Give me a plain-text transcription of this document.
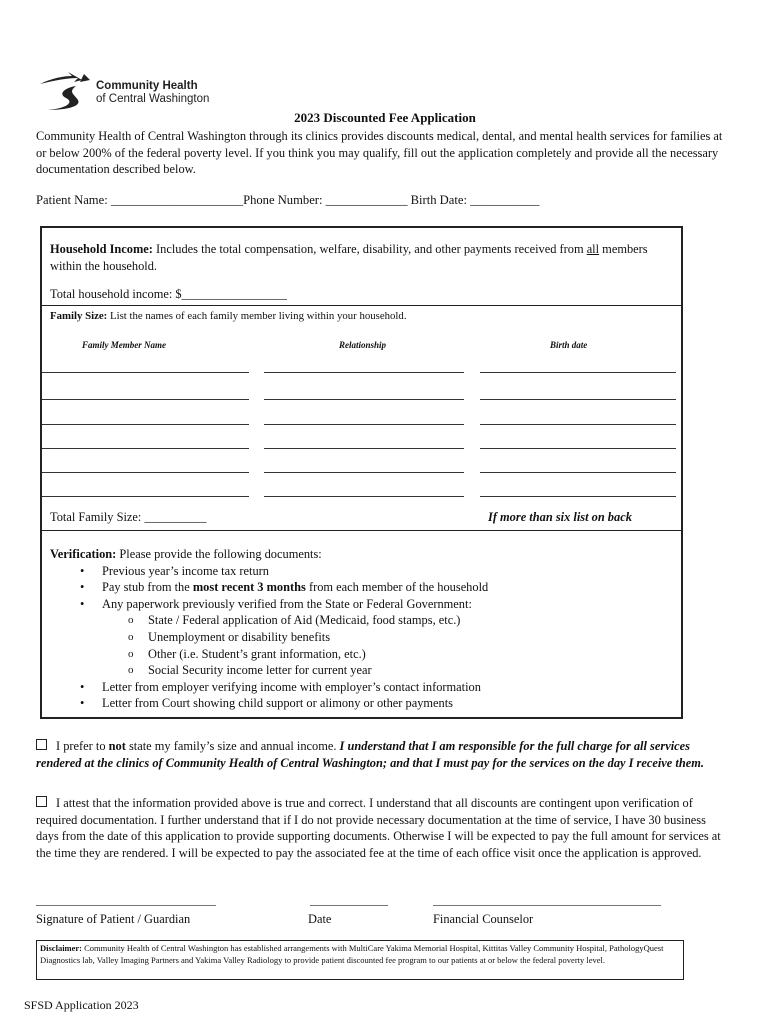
Community Health
of Central Washington
2023 Discounted Fee Application
Community Health of Central Washington through its clinics provides discounts medical, dental, and mental health services for families at or below 200% of the federal poverty level. If you think you may qualify, fill out the application completely and provide all the necessary documentation described below.
Patient Name: _____________________Phone Number: _____________ Birth Date: ___________
Household Income: Includes the total compensation, welfare, disability, and other payments received from all members within the household.
Total household income: $_________________
Family Size: List the names of each family member living within your household.
Family Member Name	Relationship	Birth date
Total Family Size: __________	If more than six list on back
Verification: Please provide the following documents:
• Previous year’s income tax return
• Pay stub from the most recent 3 months from each member of the household
• Any paperwork previously verified from the State or Federal Government:
o State / Federal application of Aid (Medicaid, food stamps, etc.)
o Unemployment or disability benefits
o Other (i.e. Student’s grant information, etc.)
o Social Security income letter for current year
• Letter from employer verifying income with employer’s contact information
• Letter from Court showing child support or alimony or other payments
I prefer to not state my family’s size and annual income. I understand that I am responsible for the full charge for all services rendered at the clinics of Community Health of Central Washington; and that I must pay for the services on the day I receive them.
I attest that the information provided above is true and correct. I understand that all discounts are contingent upon verification of required documentation. I further understand that if I do not provide necessary documentation at the time of service, I have 30 business days from the date of this application to provide supporting documents. Otherwise I will be expected to pay the full amount for services at the time they are rendered. I will be expected to pay the associated fee at the time of each office visit once the application is approved.
Signature of Patient / Guardian	Date	Financial Counselor
Disclaimer: Community Health of Central Washington has established arrangements with MultiCare Yakima Memorial Hospital, Kittitas Valley Community Hospital, PathologyQuest Diagnostics lab, Valley Imaging Partners and Yakima Valley Radiology to provide patient discounted fee program to our patients at or below the federal poverty level.
SFSD Application 2023
